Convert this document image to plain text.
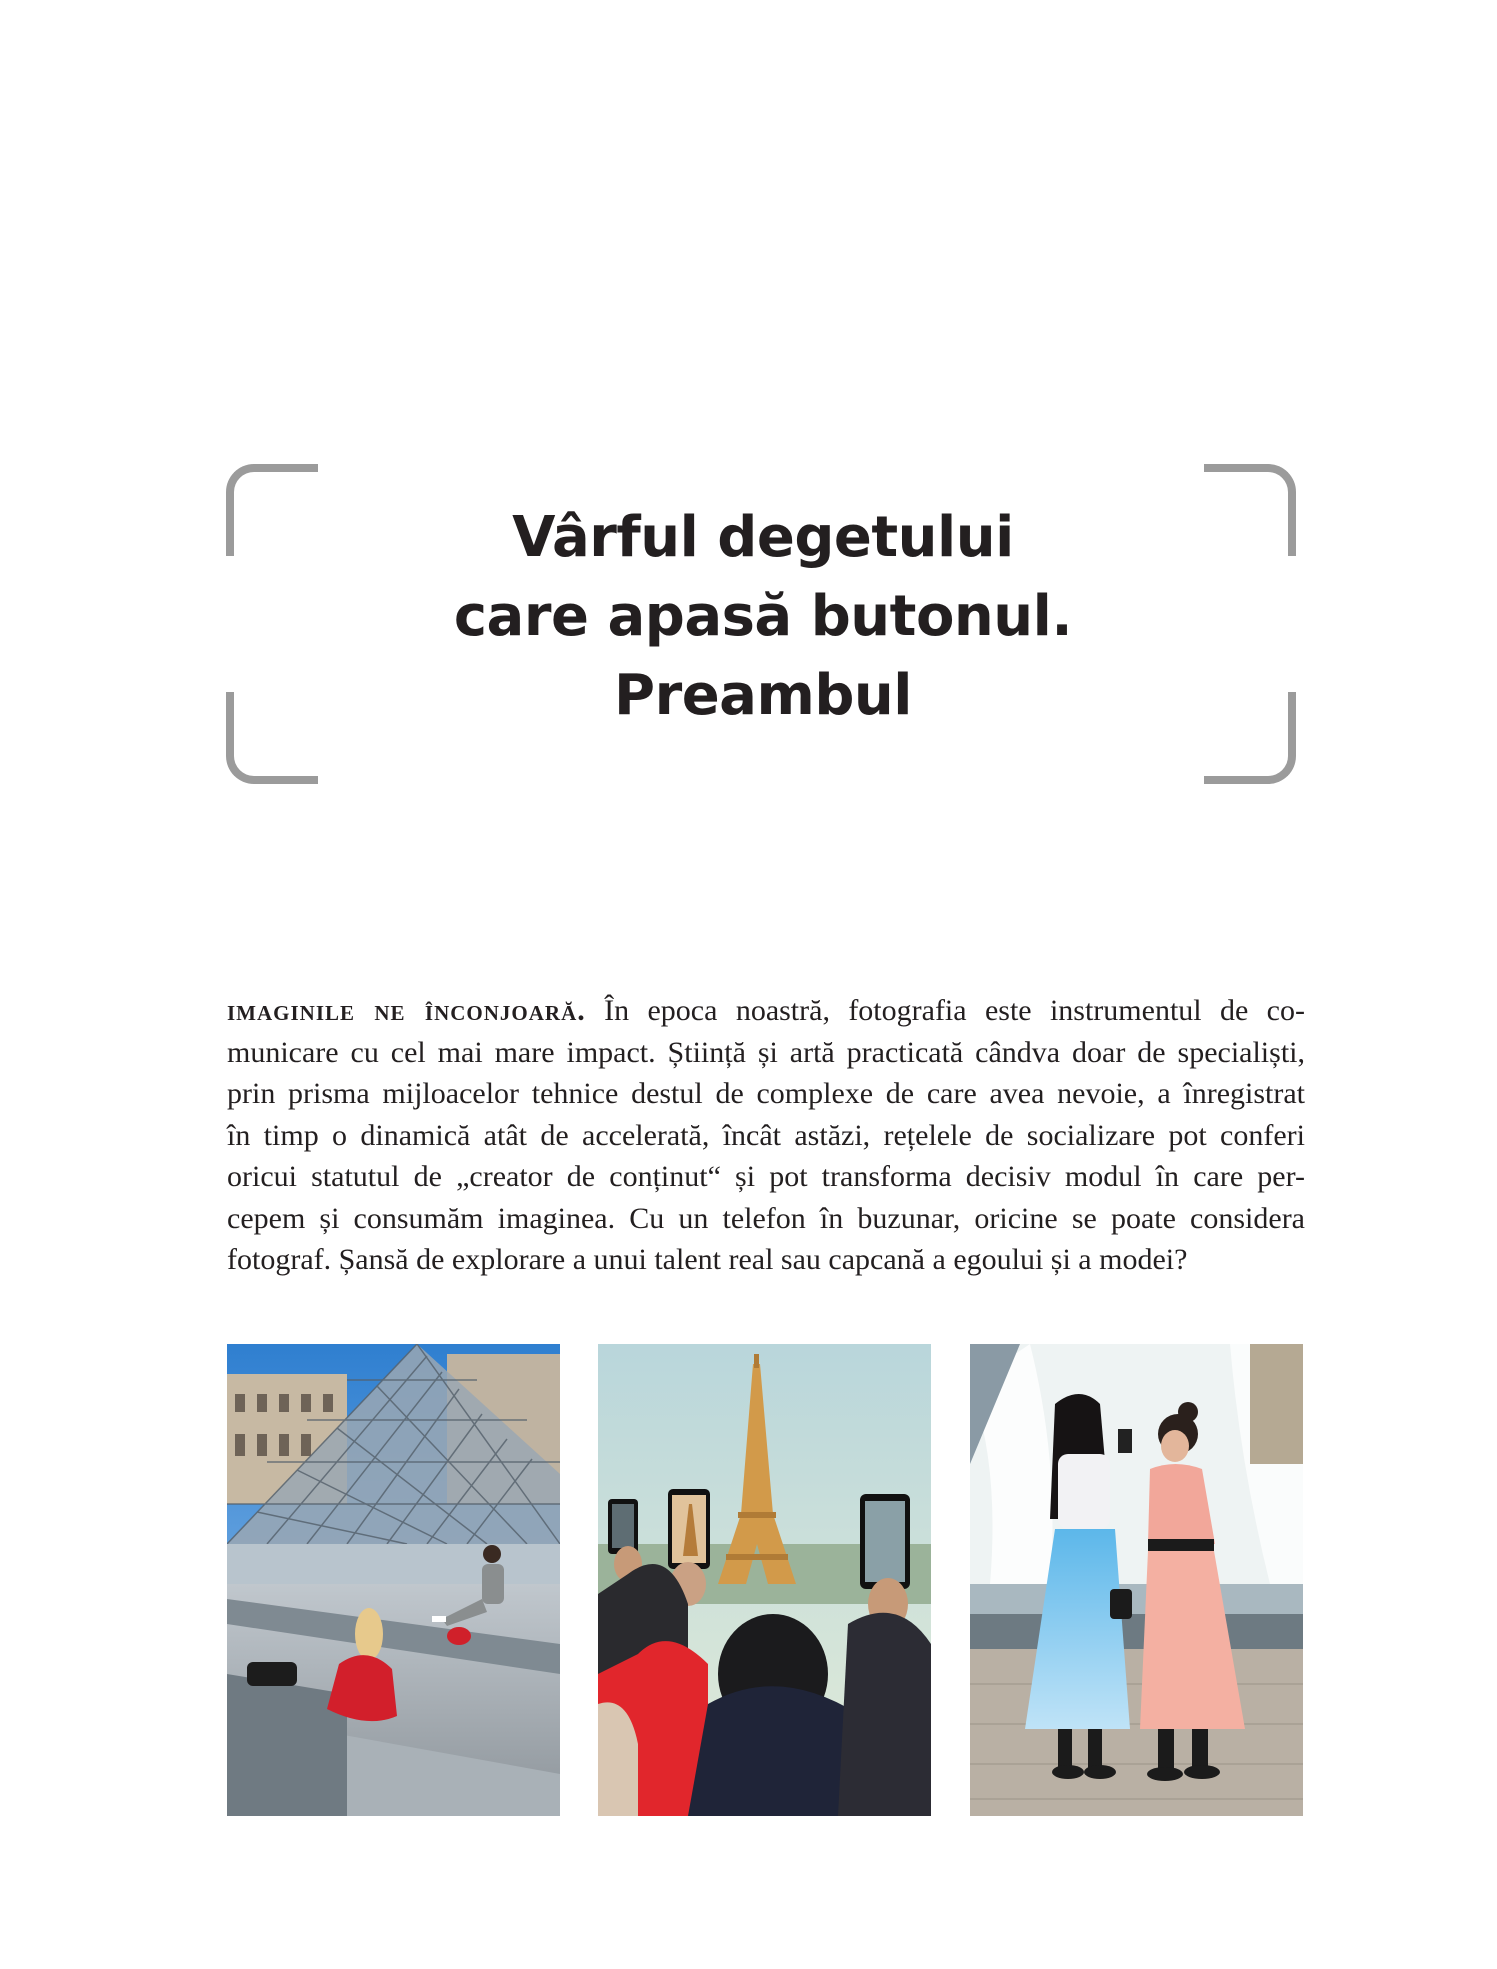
Vârful degetului
care apasă butonul.
Preambul

imaginile ne înconjoară. În epoca noastră, fotografia este instrumentul de co-
municare cu cel mai mare impact. Știință și artă practicată cândva doar de specialiști,
prin prisma mijloacelor tehnice destul de complexe de care avea nevoie, a înregistrat
în timp o dinamică atât de accelerată, încât astăzi, rețelele de socializare pot conferi
oricui statutul de „creator de conținut“ și pot transforma decisiv modul în care per-
cepem și consumăm imaginea. Cu un telefon în buzunar, oricine se poate considera
fotograf. Șansă de explorare a unui talent real sau capcană a egoului și a modei?
